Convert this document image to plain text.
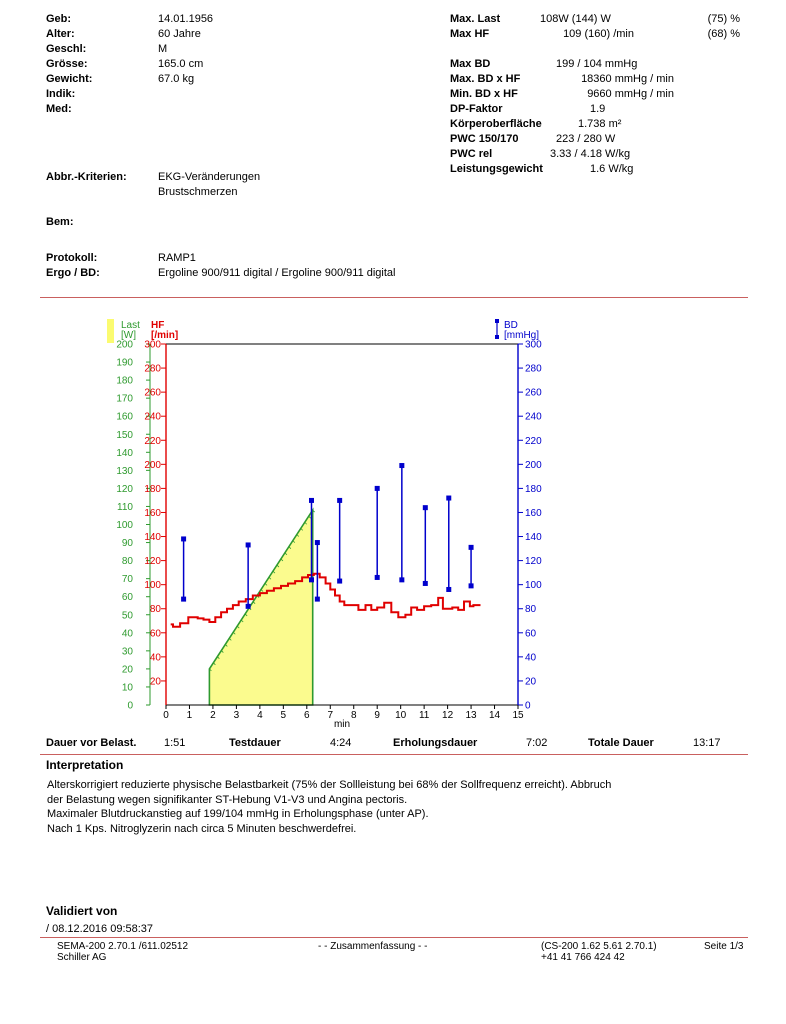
Geb:	14.01.1956
Alter:	60 Jahre
Geschl:	M
Grösse:	165.0 cm
Gewicht:	67.0 kg
Indik:
Med:
Abbr.-Kriterien:	EKG-Veränderungen
Brustschmerzen
Bem:
Protokoll:	RAMP1
Ergo / BD:	Ergoline 900/911 digital / Ergoline 900/911 digital
Max. Last	108W (144) W	(75) %
Max HF	109 (160) /min	(68) %
Max BD	199 / 104 mmHg
Max. BD x HF	18360 mmHg / min
Min. BD x HF	9660 mmHg / min
DP-Faktor	1.9
Körperoberfläche	1.738 m²
PWC 150/170	223 / 280 W
PWC rel	3.33 / 4.18 W/kg
Leistungsgewicht	1.6 W/kg
Last
[W]
HF
[/min]
BD
[mmHg]
0
10
20
30
40
50
60
70
80
90
100
110
120
130
140
150
160
170
180
190
200
20
40
60
80
100
120
140
160
180
200
220
240
260
280
300
0
20
40
60
80
100
120
140
160
180
200
220
240
260
280
300
0 1 2 3 4 5 6 7 8 9 10 11 12 13 14 15
min
Dauer vor Belast.	1:51	Testdauer	4:24	Erholungsdauer	7:02	Totale Dauer	13:17
Interpretation
Alterskorrigiert reduzierte physische Belastbarkeit (75% der Sollleistung bei 68% der Sollfrequenz erreicht). Abbruch
der Belastung wegen signifikanter ST-Hebung V1-V3 und Angina pectoris.
Maximaler Blutdruckanstieg auf 199/104 mmHg in Erholungsphase (unter AP).
Nach 1 Kps. Nitroglyzerin nach circa 5 Minuten beschwerdefrei.
Validiert von
/ 08.12.2016 09:58:37
SEMA-200 2.70.1 /611.02512
Schiller AG
- - Zusammenfassung - -	(CS-200 1.62 5.61 2.70.1)
+41 41 766 424 42
Seite 1/3
